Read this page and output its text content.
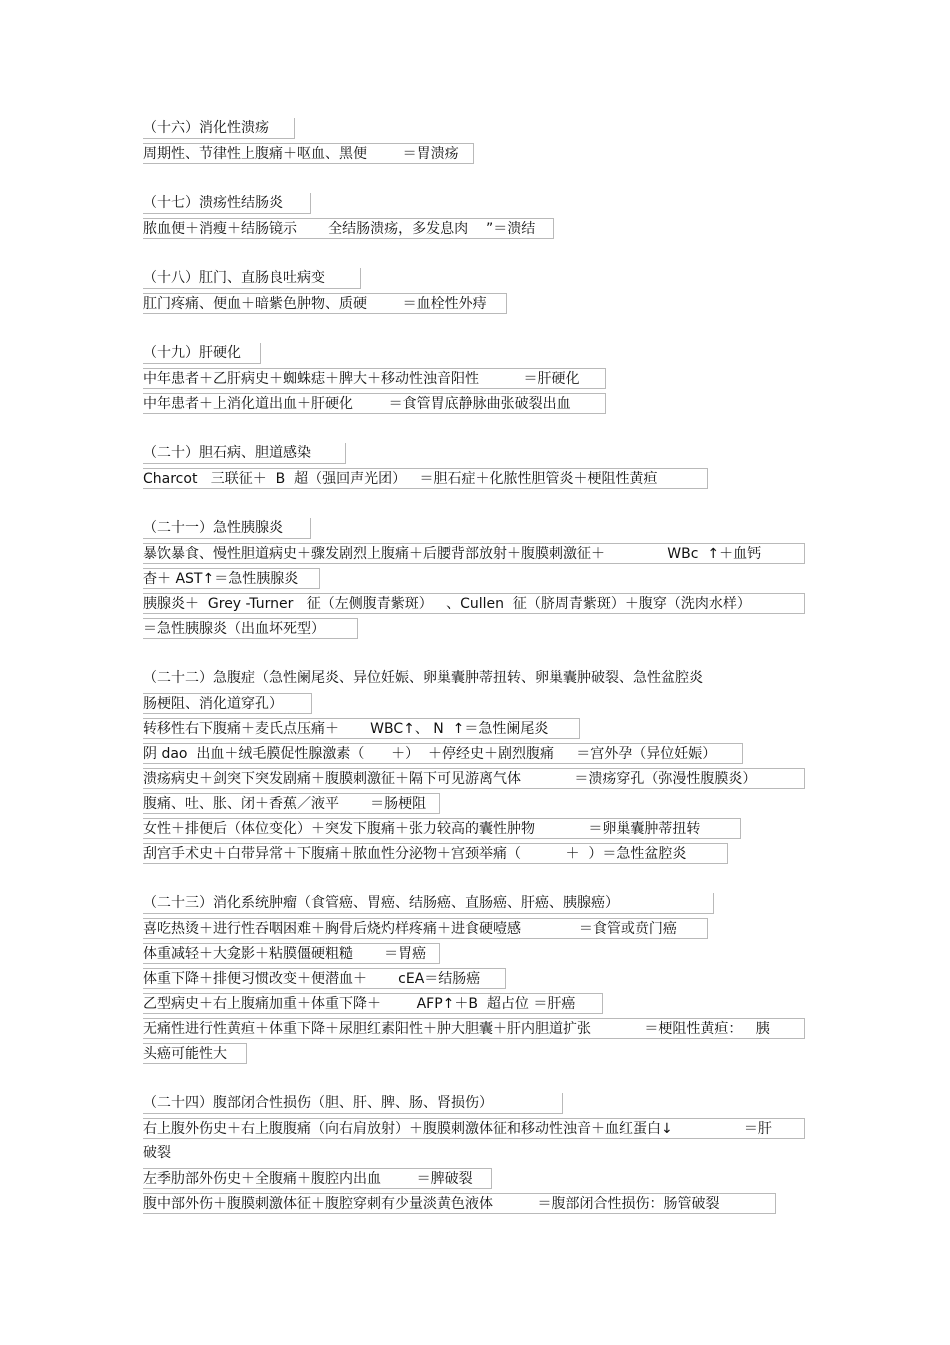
（十六）消化性溃疡
周期性、节律性上腹痛＋呕血、黑便        ＝胃溃疡
（十七）溃疡性结肠炎
脓血便＋消瘦＋结肠镜示       全结肠溃疡，多发息肉    ”＝溃结
（十八）肛门、直肠良吐病变
肛门疼痛、便血＋暗紫色肿物、质硬        ＝血栓性外痔
（十九）肝硬化
中年患者＋乙肝病史＋蜘蛛痣＋脾大＋移动性浊音阳性          ＝肝硬化
中年患者＋上消化道出血＋肝硬化        ＝食管胃底静脉曲张破裂出血
（二十）胆石病、胆道感染
Charcot   三联征＋  B  超（强回声光团）   ＝胆石症＋化脓性胆管炎＋梗阻性黄疸
（二十一）急性胰腺炎
暴饮暴食、慢性胆道病史＋骤发剧烈上腹痛＋后腰背部放射＋腹膜刺激征＋              WBc  ↑＋血钙
杳＋ AST↑＝急性胰腺炎
胰腺炎＋  Grey -Turner   征（左侧腹青紫斑）   、Cullen  征（脐周青紫斑）＋腹穿（洗肉水样）
＝急性胰腺炎（出血坏死型）
（二十二）急腹症（急性阑尾炎、异位妊娠、卵巢囊肿蒂扭转、卵巢囊肿破裂、急性盆腔炎
肠梗阻、消化道穿孔）
转移性右下腹痛＋麦氏点压痛＋       WBC↑、 N  ↑＝急性阑尾炎
阴 dao  出血＋绒毛膜促性腺激素（      ＋）  ＋停经史＋剧烈腹痛     ＝宫外孕（异位妊娠）
溃疡病史＋剑突下突发剧痛＋腹膜刺激征＋隔下可见游离气体            ＝溃疡穿孔（弥漫性腹膜炎）
腹痛、吐、胀、闭＋香蕉／液平       ＝肠梗阻
女性＋排便后（体位变化）＋突发下腹痛＋张力较高的囊性肿物            ＝卵巢囊肿蒂扭转
刮宫手术史＋白带异常＋下腹痛＋脓血性分泌物＋宫颈举痛（          ＋  ）＝急性盆腔炎
（二十三）消化系统肿瘤（食管癌、胃癌、结肠癌、直肠癌、肝癌、胰腺癌）
喜吃热烫＋进行性吞咽困难＋胸骨后烧灼样疼痛＋进食硬噎感             ＝食管或贲门癌
体重减轻＋大龛影＋粘膜僵硬粗糙       ＝胃癌
体重下降＋排便习惯改变＋便潜血＋       cEA＝结肠癌
乙型病史＋右上腹痛加重＋体重下降＋        AFP↑＋B  超占位 ＝肝癌
无痛性进行性黄疸＋体重下降＋尿胆红素阳性＋肿大胆囊＋肝内胆道扩张            ＝梗阻性黄疸：   胰
头癌可能性大
（二十四）腹部闭合性损伤（胆、肝、脾、肠、肾损伤）
右上腹外伤史＋右上腹腹痛（向右肩放射）＋腹膜刺激体征和移动性浊音＋血红蛋白↓                ＝肝
破裂
左季肋部外伤史＋全腹痛＋腹腔内出血        ＝脾破裂
腹中部外伤＋腹膜刺激体征＋腹腔穿刺有少量淡黄色液体          ＝腹部闭合性损伤：肠管破裂
